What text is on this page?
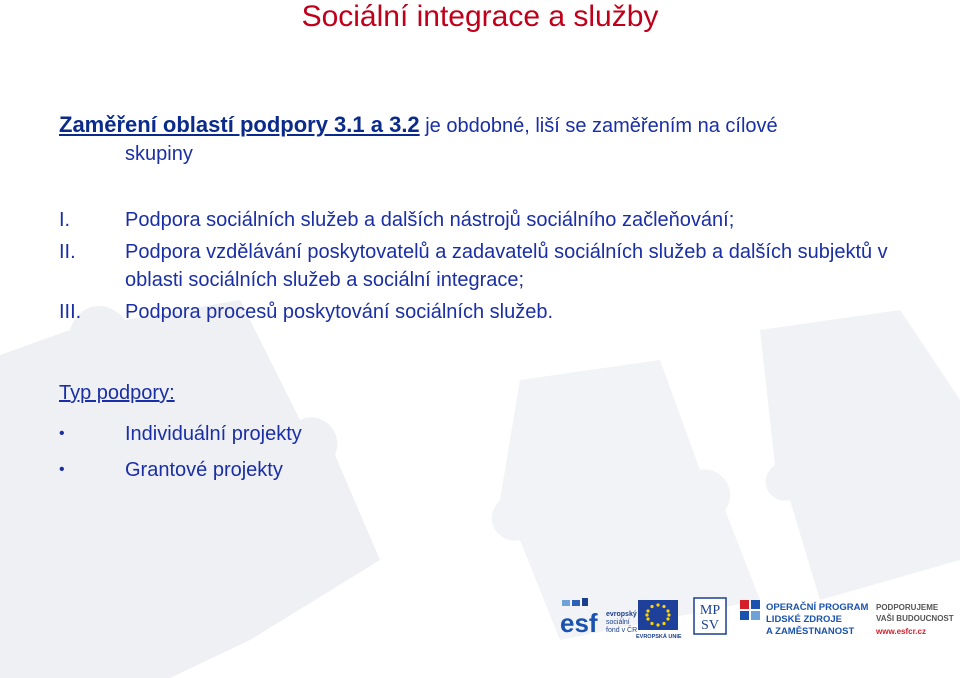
Sociální integrace a služby
Zaměření oblastí podpory 3.1 a 3.2 je obdobné, liší se zaměřením na cílové
skupiny
I.	Podpora sociálních služeb a dalších nástrojů sociálního začleňování;
II.	Podpora vzdělávání poskytovatelů a zadavatelů sociálních služeb a dalších subjektů v oblasti sociálních služeb a sociální integrace;
III.	Podpora procesů poskytování sociálních služeb.
Typ podpory:
•	Individuální projekty
•	Grantové projekty
esf evropský
sociální
fond v ČR
EVROPSKÁ UNIE
MP
SV
OPERAČNÍ PROGRAM
LIDSKÉ ZDROJE
A ZAMĚSTNANOST
PODPORUJEME
VAŠI BUDOUCNOST
www.esfcr.cz
